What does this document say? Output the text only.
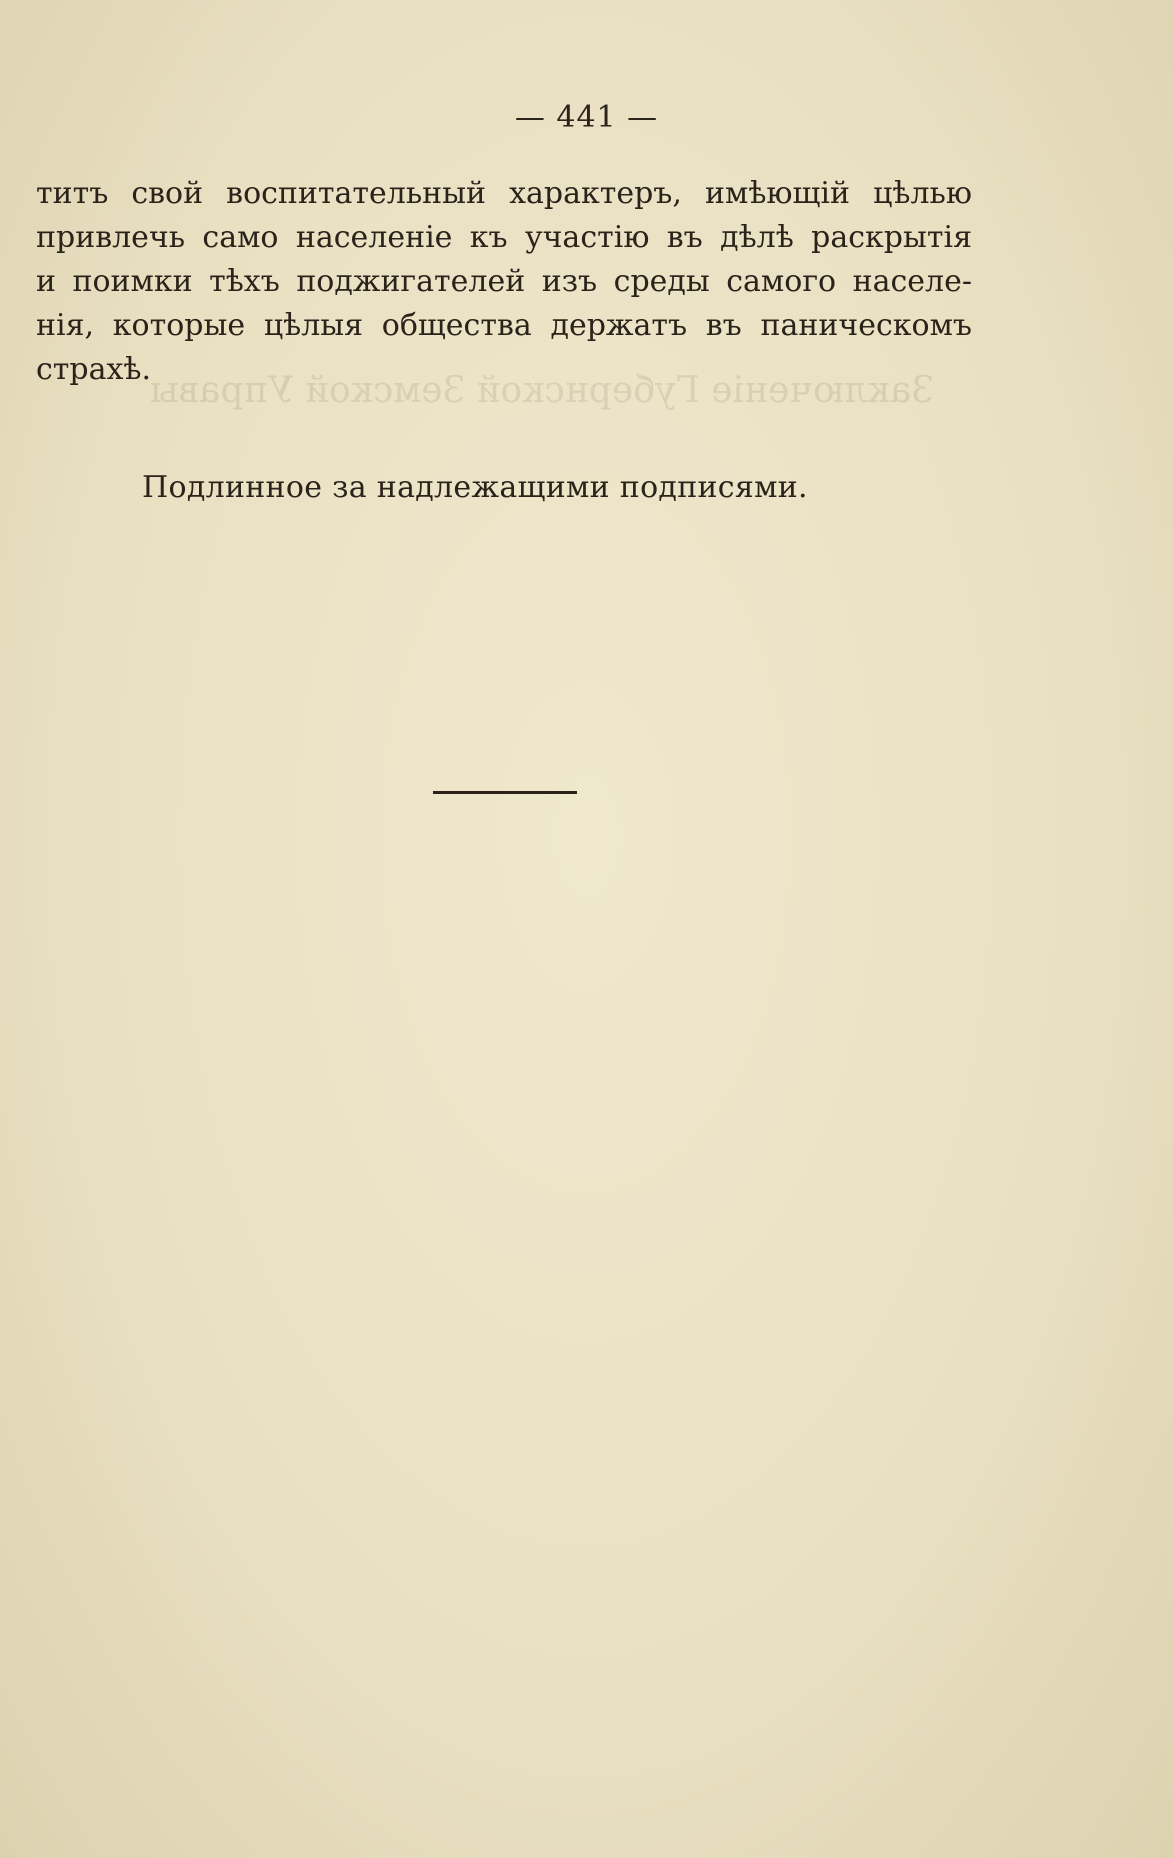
Заключеніе Губернской Земской Управы
— 441 —
титъ свой воспитательный характеръ, имѣющій цѣлью
привлечь само населеніе къ участію въ дѣлѣ раскрытія
и поимки тѣхъ поджигателей изъ среды самого населе-
нія, которые цѣлыя общества держатъ въ паническомъ
страхѣ.
Подлинное за надлежащими подписями.
